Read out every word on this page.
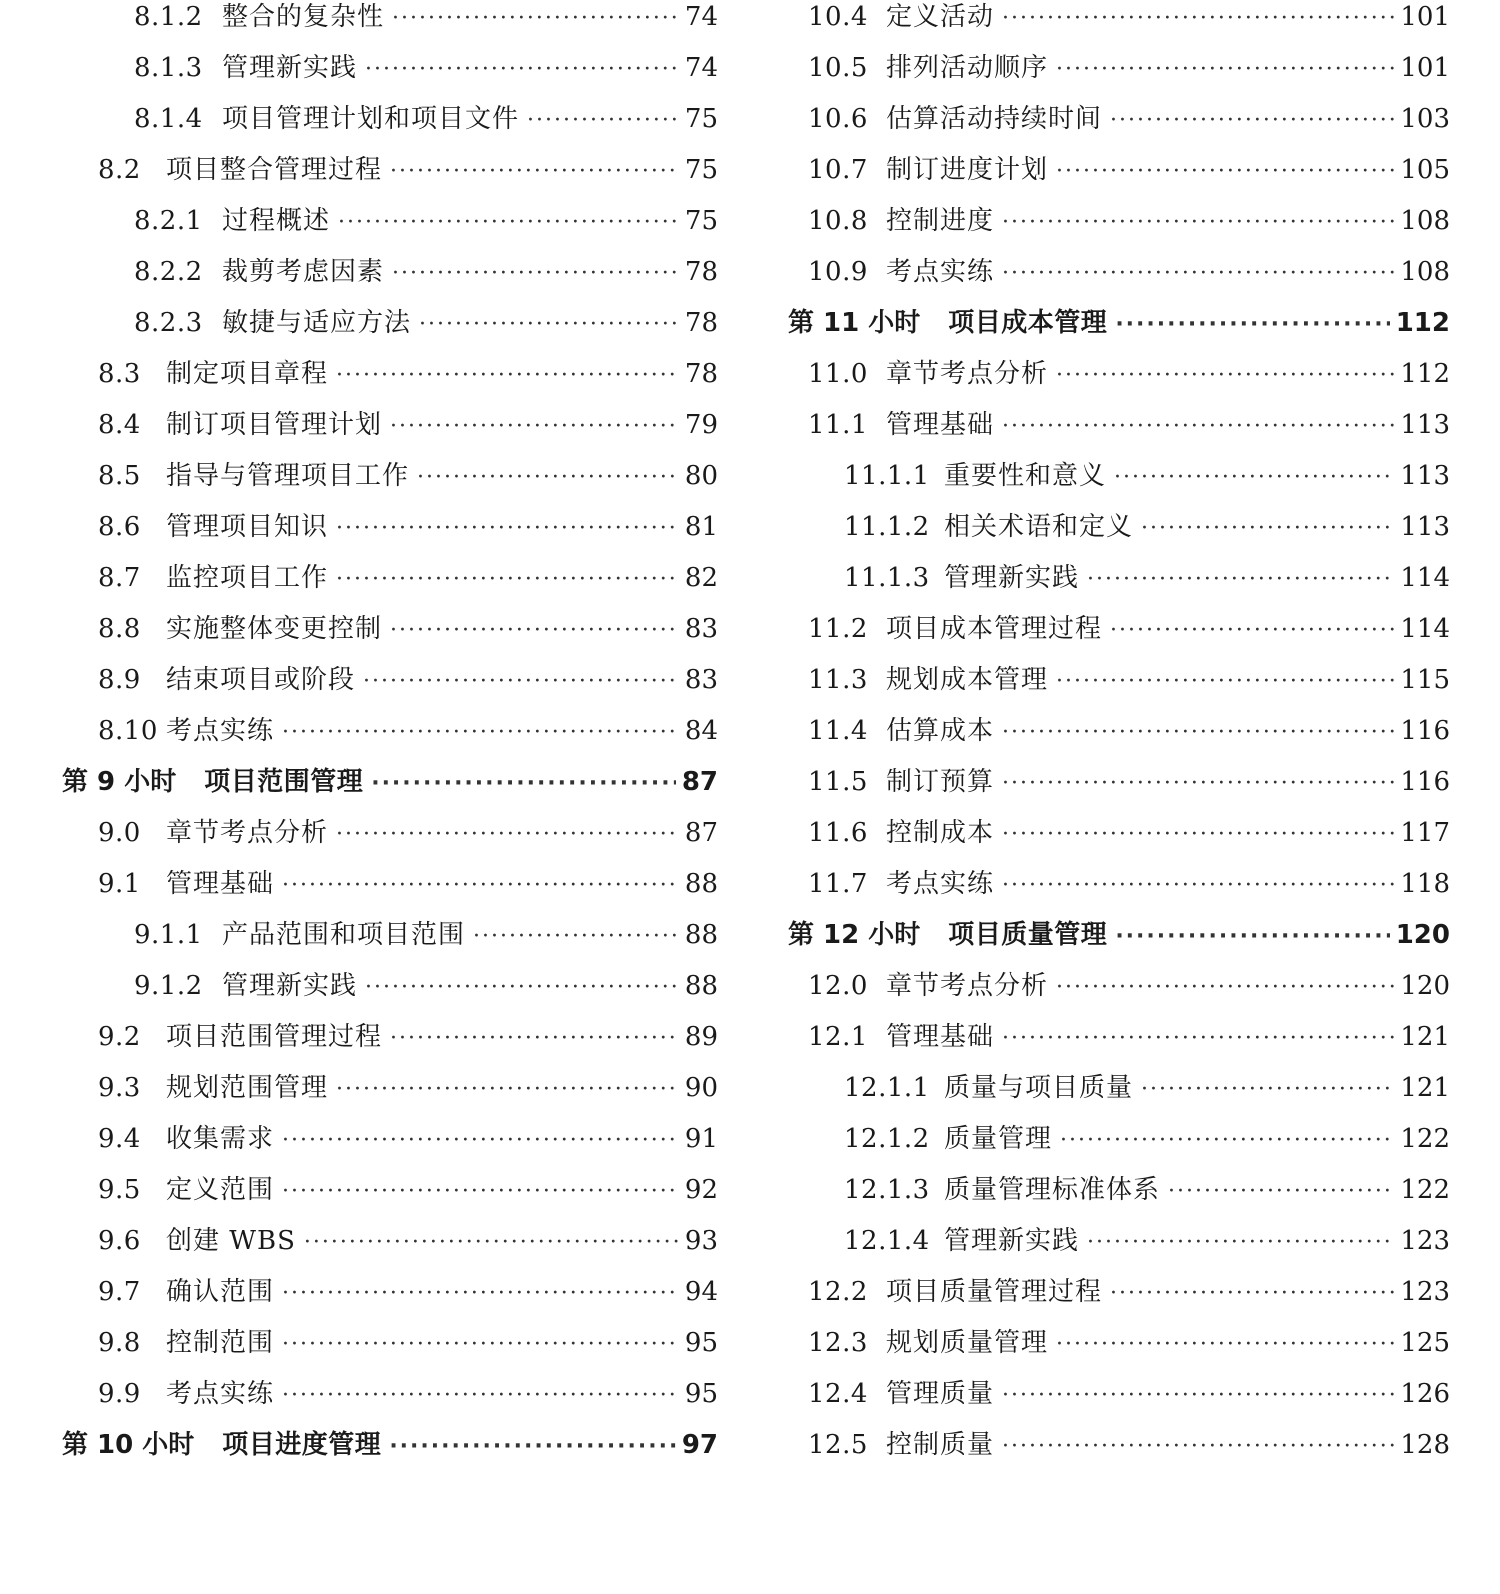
8.1.2 整合的复杂性 ·····	74
8.1.3 管理新实践 ·····	74
8.1.4 项目管理计划和项目文件 ·····	75
8.2 项目整合管理过程 ·····	75
8.2.1 过程概述 ·····	75
8.2.2 裁剪考虑因素 ·····	78
8.2.3 敏捷与适应方法 ·····	78
8.3 制定项目章程 ·····	78
8.4 制订项目管理计划 ·····	79
8.5 指导与管理项目工作 ·····	80
8.6 管理项目知识 ·····	81
8.7 监控项目工作 ·····	82
8.8 实施整体变更控制 ·····	83
8.9 结束项目或阶段 ·····	83
8.10 考点实练 ·····	84
第 9 小时 项目范围管理 ·····	87
9.0 章节考点分析 ·····	87
9.1 管理基础 ·····	88
9.1.1 产品范围和项目范围 ·····	88
9.1.2 管理新实践 ·····	88
9.2 项目范围管理过程 ·····	89
9.3 规划范围管理 ·····	90
9.4 收集需求 ·····	91
9.5 定义范围 ·····	92
9.6 创建 WBS ·····	93
9.7 确认范围 ·····	94
9.8 控制范围 ·····	95
9.9 考点实练 ·····	95
第 10 小时 项目进度管理 ·····	97
10.4 定义活动 ·····	101
10.5 排列活动顺序 ·····	101
10.6 估算活动持续时间 ·····	103
10.7 制订进度计划 ·····	105
10.8 控制进度 ·····	108
10.9 考点实练 ·····	108
第 11 小时 项目成本管理 ·····	112
11.0 章节考点分析 ·····	112
11.1 管理基础 ·····	113
11.1.1 重要性和意义 ·····	113
11.1.2 相关术语和定义 ·····	113
11.1.3 管理新实践 ·····	114
11.2 项目成本管理过程 ·····	114
11.3 规划成本管理 ·····	115
11.4 估算成本 ·····	116
11.5 制订预算 ·····	116
11.6 控制成本 ·····	117
11.7 考点实练 ·····	118
第 12 小时 项目质量管理 ·····	120
12.0 章节考点分析 ·····	120
12.1 管理基础 ·····	121
12.1.1 质量与项目质量 ·····	121
12.1.2 质量管理 ·····	122
12.1.3 质量管理标准体系 ·····	122
12.1.4 管理新实践 ·····	123
12.2 项目质量管理过程 ·····	123
12.3 规划质量管理 ·····	125
12.4 管理质量 ·····	126
12.5 控制质量 ·····	128
